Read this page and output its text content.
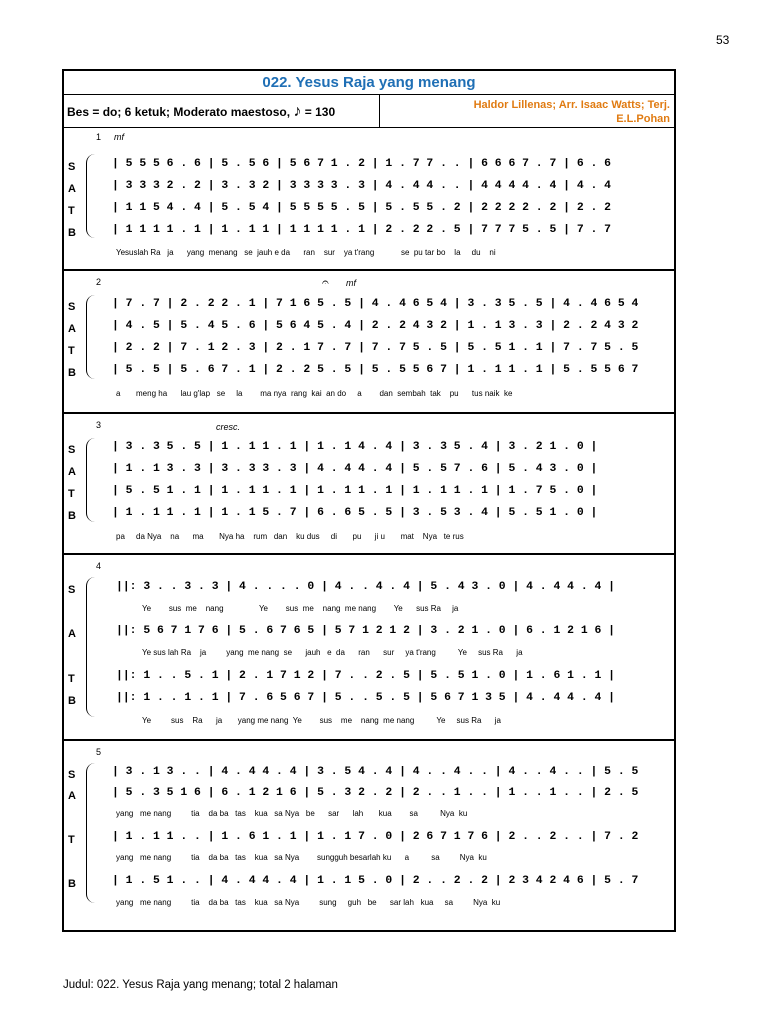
53
022. Yesus Raja yang menang
Bes = do; 6 ketuk; Moderato maestoso, ♪ = 130	Haldor Lillenas; Arr. Isaac Watts; Terj.
E.L.Pohan
1 mf
S
A
T
B
| 5 5 5 6 . 6 | 5 . 5 6 | 5 6 7 1 . 2 | 1 . 7 7 . . | 6 6 6 7 . 7 | 6 . 6
| 3 3 3 2 . 2 | 3 . 3 2 | 3 3 3 3 . 3 | 4 . 4 4 . . | 4 4 4 4 . 4 | 4 . 4
| 1 1 5 4 . 4 | 5 . 5 4 | 5 5 5 5 . 5 | 5 . 5 5 . 2 | 2 2 2 2 . 2 | 2 . 2
| 1 1 1 1 . 1 | 1 . 1 1 | 1 1 1 1 . 1 | 2 . 2 2 . 5 | 7 7 7 5 . 5 | 7 . 7
Yesuslah Ra   ja      yang  menang   se  jauh e da      ran    sur    ya t'rang            se  pu tar bo    la     du    ni
2	𝄐 mf
S
A
T
B
| 7 . 7 | 2 . 2 2 . 1 | 7 1 6 5 . 5 | 4 . 4 6 5 4 | 3 . 3 5 . 5 | 4 . 4 6 5 4
| 4 . 5 | 5 . 4 5 . 6 | 5 6 4 5 . 4 | 2 . 2 4 3 2 | 1 . 1 3 . 3 | 2 . 2 4 3 2
| 2 . 2 | 7 . 1 2 . 3 | 2 . 1 7 . 7 | 7 . 7 5 . 5 | 5 . 5 1 . 1 | 7 . 7 5 . 5
| 5 . 5 | 5 . 6 7 . 1 | 2 . 2 5 . 5 | 5 . 5 5 6 7 | 1 . 1 1 . 1 | 5 . 5 5 6 7
a       meng ha      lau g'lap   se     la        ma nya  rang  kai  an do     a        dan  sembah  tak    pu      tus naik  ke
3	cresc.
S
A
T
B
| 3 . 3 5 . 5 | 1 . 1 1 . 1 | 1 . 1 4 . 4 | 3 . 3 5 . 4 | 3 . 2 1 . 0 |
| 1 . 1 3 . 3 | 3 . 3 3 . 3 | 4 . 4 4 . 4 | 5 . 5 7 . 6 | 5 . 4 3 . 0 |
| 5 . 5 1 . 1 | 1 . 1 1 . 1 | 1 . 1 1 . 1 | 1 . 1 1 . 1 | 1 . 7 5 . 0 |
| 1 . 1 1 . 1 | 1 . 1 5 . 7 | 6 . 6 5 . 5 | 3 . 5 3 . 4 | 5 . 5 1 . 0 |
pa     da Nya    na      ma       Nya ha    rum   dan    ku dus     di       pu      ji u       mat    Nya   te rus
4
S
A
T
B
||: 3 . . 3 . 3 | 4 . . . . 0 | 4 . . 4 . 4 | 5 . 4 3 . 0 | 4 . 4 4 . 4 |
Ye        sus  me    nang                Ye        sus  me    nang  me nang        Ye      sus Ra     ja
||: 5 6 7 1 7 6 | 5 . 6 7 6 5 | 5 7 1 2 1 2 | 3 . 2 1 . 0 | 6 . 1 2 1 6 |
Ye sus lah Ra    ja         yang  me nang  se      jauh   e  da      ran      sur     ya t'rang          Ye     sus Ra      ja
||: 1 . . 5 . 1 | 2 . 1 7 1 2 | 7 . . 2 . 5 | 5 . 5 1 . 0 | 1 . 6 1 . 1 |
||: 1 . . 1 . 1 | 7 . 6 5 6 7 | 5 . . 5 . 5 | 5 6 7 1 3 5 | 4 . 4 4 . 4 |
Ye         sus    Ra      ja       yang me nang  Ye        sus    me    nang  me nang          Ye     sus Ra      ja
5
S
A
T
B
| 3 . 1 3 . . | 4 . 4 4 . 4 | 3 . 5 4 . 4 | 4 . . 4 . . | 4 . . 4 . . | 5 . 5
| 5 . 3 5 1 6 | 6 . 1 2 1 6 | 5 . 3 2 . 2 | 2 . . 1 . . | 1 . . 1 . . | 2 . 5
yang   me nang         tia    da ba   tas    kua   sa Nya   be      sar      lah       kua        sa          Nya  ku
| 1 . 1 1 . . | 1 . 6 1 . 1 | 1 . 1 7 . 0 | 2 6 7 1 7 6 | 2 . . 2 . . | 7 . 2
yang   me nang         tia    da ba   tas    kua   sa Nya        sungguh besarlah ku      a          sa         Nya  ku
| 1 . 5 1 . . | 4 . 4 4 . 4 | 1 . 1 5 . 0 | 2 . . 2 . 2 | 2 3 4 2 4 6 | 5 . 7
yang   me nang         tia    da ba   tas    kua   sa Nya         sung     guh   be      sar lah   kua     sa         Nya  ku
Judul: 022. Yesus Raja yang menang; total 2 halaman
